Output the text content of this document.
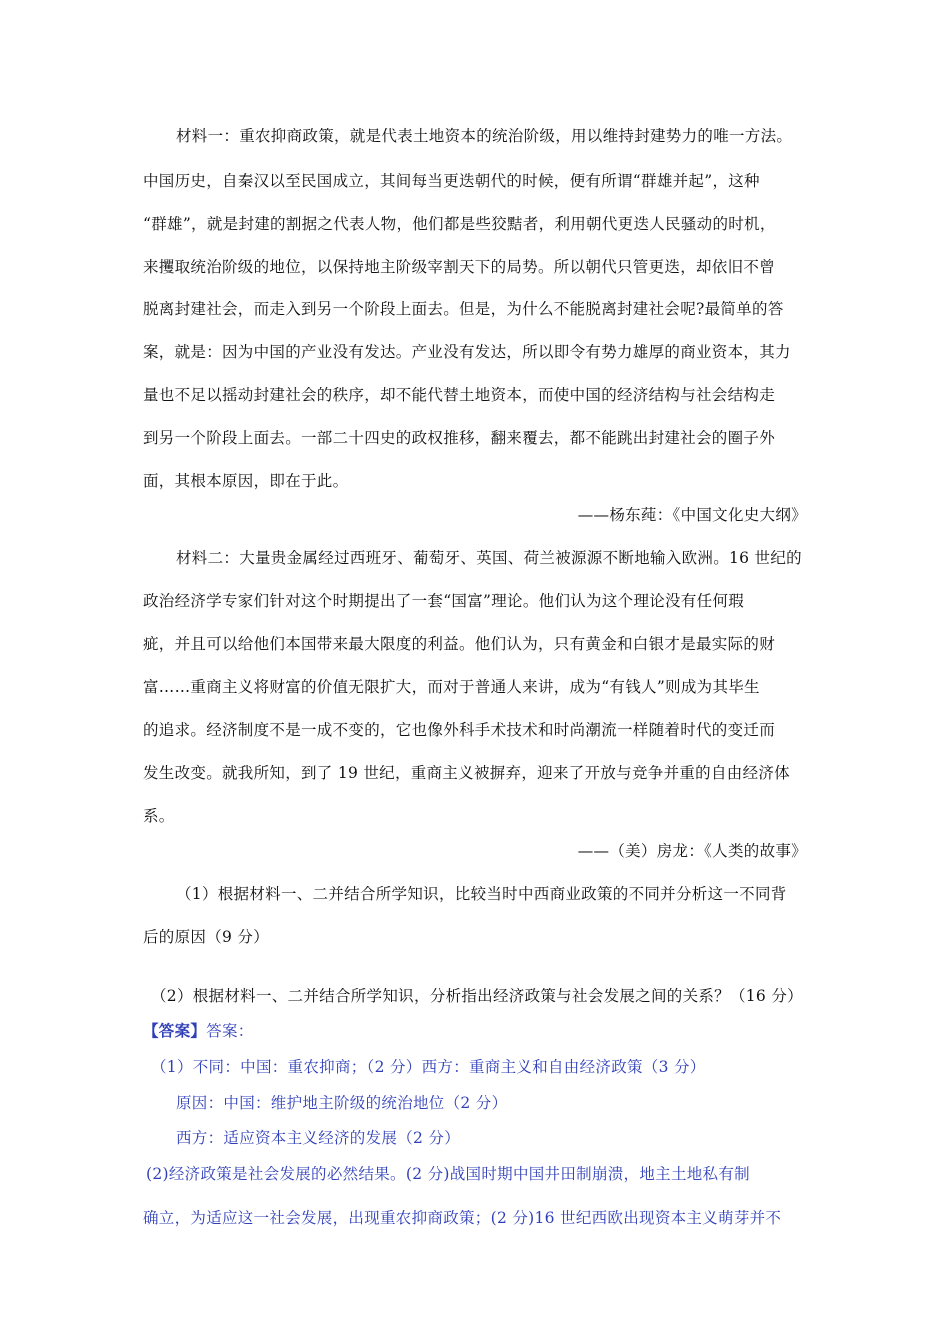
材料一：重农抑商政策，就是代表土地资本的统治阶级，用以维持封建势力的唯一方法。
中国历史，自秦汉以至民国成立，其间每当更迭朝代的时候，便有所谓“群雄并起”，这种
“群雄”，就是封建的割据之代表人物，他们都是些狡黠者，利用朝代更迭人民骚动的时机，
来攫取统治阶级的地位，以保持地主阶级宰割天下的局势。所以朝代只管更迭，却依旧不曾
脱离封建社会，而走入到另一个阶段上面去。但是，为什么不能脱离封建社会呢?最简单的答
案，就是：因为中国的产业没有发达。产业没有发达，所以即令有势力雄厚的商业资本，其力
量也不足以摇动封建社会的秩序，却不能代替土地资本，而使中国的经济结构与社会结构走
到另一个阶段上面去。一部二十四史的政权推移，翻来覆去，都不能跳出封建社会的圈子外
面，其根本原因，即在于此。
——杨东莼：《中国文化史大纲》
材料二：大量贵金属经过西班牙、葡萄牙、英国、荷兰被源源不断地输入欧洲。16 世纪的
政治经济学专家们针对这个时期提出了一套“国富”理论。他们认为这个理论没有任何瑕
疵，并且可以给他们本国带来最大限度的利益。他们认为，只有黄金和白银才是最实际的财
富……重商主义将财富的价值无限扩大，而对于普通人来讲，成为“有钱人”则成为其毕生
的追求。经济制度不是一成不变的，它也像外科手术技术和时尚潮流一样随着时代的变迁而
发生改变。就我所知，到了 19 世纪，重商主义被摒弃，迎来了开放与竞争并重的自由经济体
系。
——（美）房龙：《人类的故事》
（1）根据材料一、二并结合所学知识，比较当时中西商业政策的不同并分析这一不同背
后的原因（9 分）
（2）根据材料一、二并结合所学知识，分析指出经济政策与社会发展之间的关系？（16 分）
【答案】答案：
（1）不同：中国：重农抑商；（2 分）西方：重商主义和自由经济政策（3 分）
原因：中国：维护地主阶级的统治地位（2 分）
西方：适应资本主义经济的发展（2 分）
(2)经济政策是社会发展的必然结果。(2 分)战国时期中国井田制崩溃，地主土地私有制
确立，为适应这一社会发展，出现重农抑商政策；(2 分)16 世纪西欧出现资本主义萌芽并不
